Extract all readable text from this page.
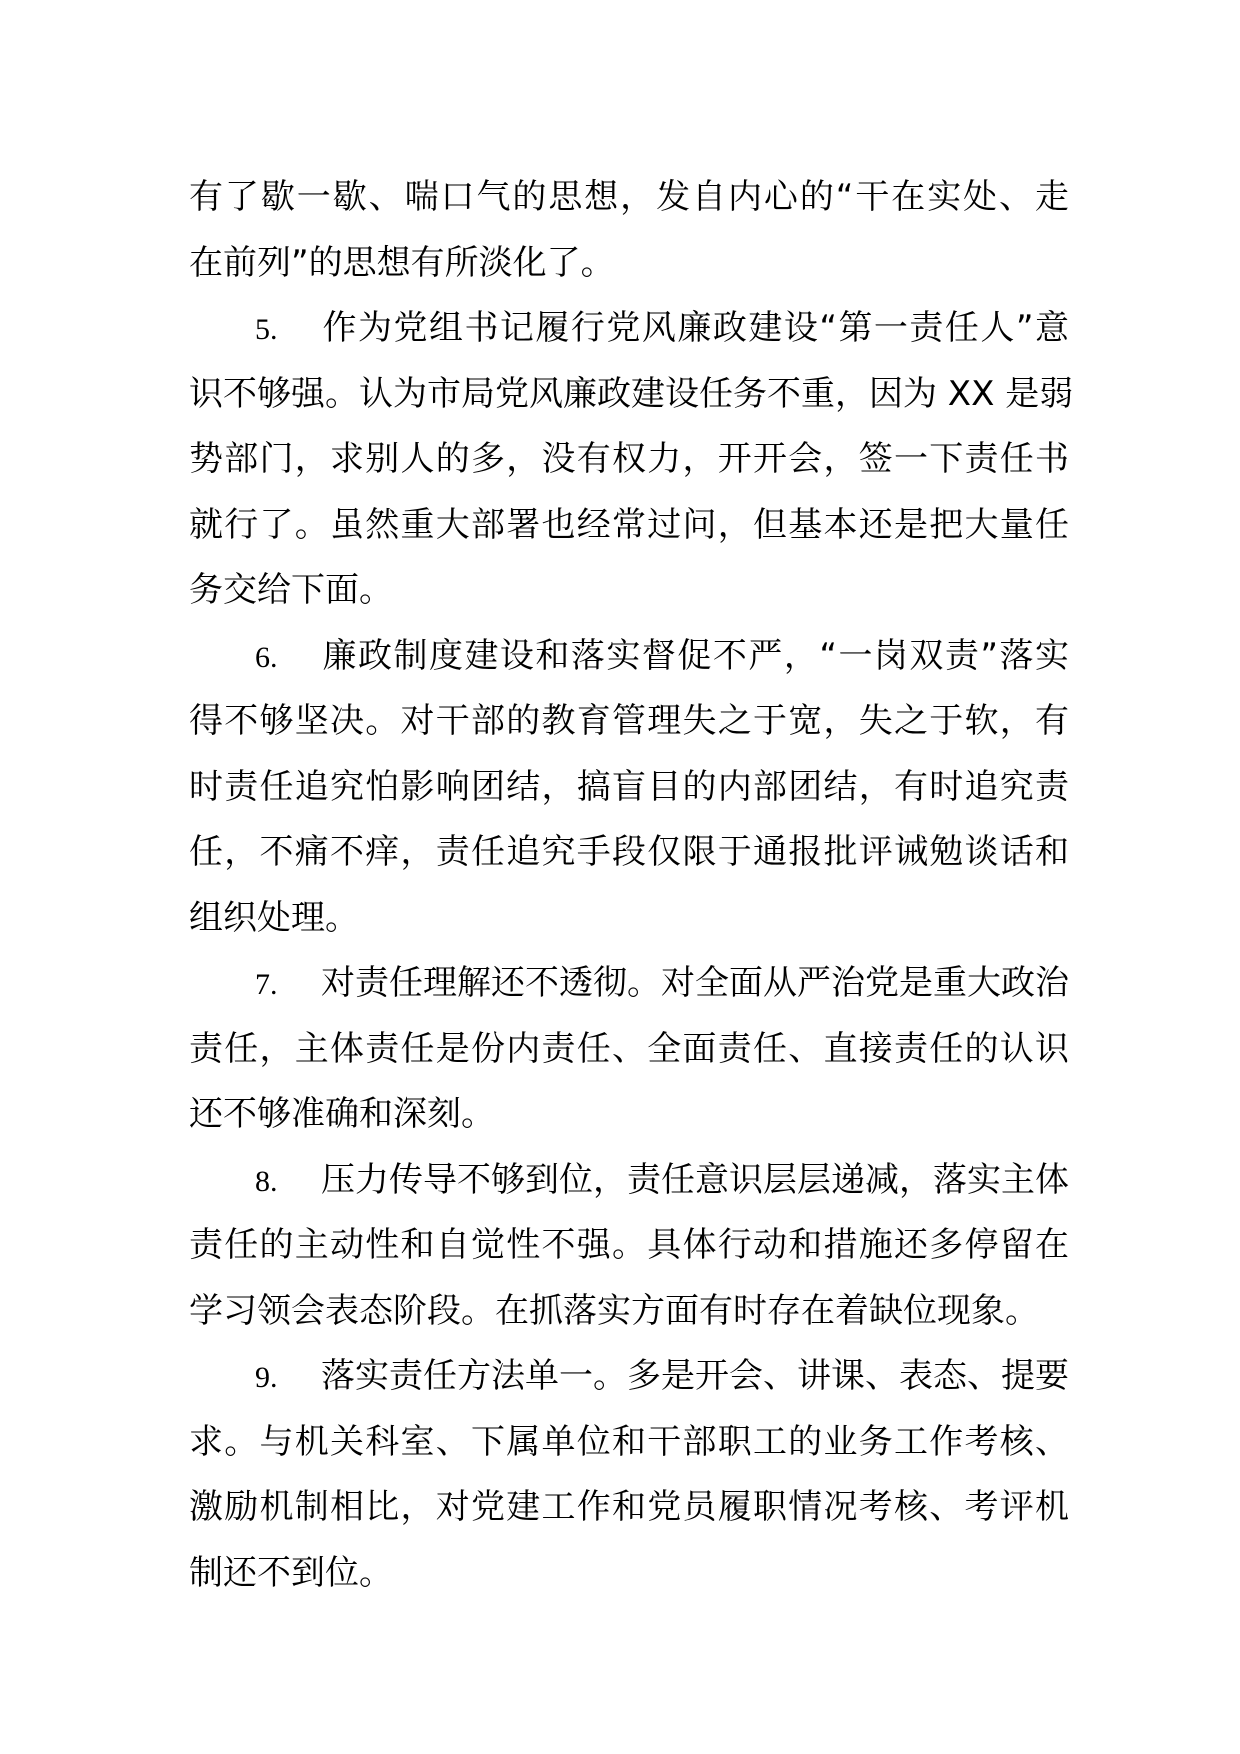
有了歇一歇、喘口气的思想，发自内心的“干在实处、走
在前列”的思想有所淡化了。
5. 作为党组书记履行党风廉政建设“第一责任人”意
识不够强。认为市局党风廉政建设任务不重，因为 XX 是弱
势部门，求别人的多，没有权力，开开会，签一下责任书
就行了。虽然重大部署也经常过问，但基本还是把大量任
务交给下面。
6. 廉政制度建设和落实督促不严，“一岗双责”落实
得不够坚决。对干部的教育管理失之于宽，失之于软，有
时责任追究怕影响团结，搞盲目的内部团结，有时追究责
任，不痛不痒，责任追究手段仅限于通报批评诫勉谈话和
组织处理。
7. 对责任理解还不透彻。对全面从严治党是重大政治
责任，主体责任是份内责任、全面责任、直接责任的认识
还不够准确和深刻。
8. 压力传导不够到位，责任意识层层递减，落实主体
责任的主动性和自觉性不强。具体行动和措施还多停留在
学习领会表态阶段。在抓落实方面有时存在着缺位现象。
9. 落实责任方法单一。多是开会、讲课、表态、提要
求。与机关科室、下属单位和干部职工的业务工作考核、
激励机制相比，对党建工作和党员履职情况考核、考评机
制还不到位。
